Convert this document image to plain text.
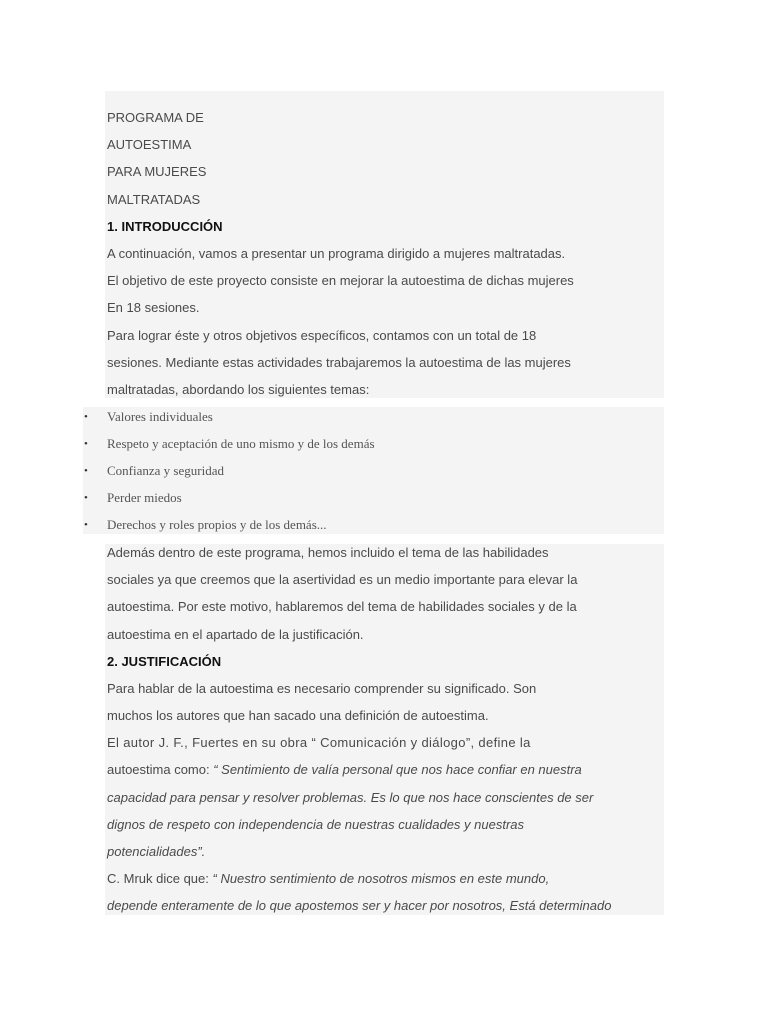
PROGRAMA DE
AUTOESTIMA
PARA MUJERES
MALTRATADAS
1. INTRODUCCIÓN
A continuación, vamos a presentar un programa dirigido a mujeres maltratadas.
El objetivo de este proyecto consiste en mejorar la autoestima de dichas mujeres
En 18 sesiones.
Para lograr éste y otros objetivos específicos, contamos con un total de 18
sesiones. Mediante estas actividades trabajaremos la autoestima de las mujeres
maltratadas, abordando los siguientes temas:
• Valores individuales
• Respeto y aceptación de uno mismo y de los demás
• Confianza y seguridad
• Perder miedos
• Derechos y roles propios y de los demás...
Además dentro de este programa, hemos incluido el tema de las habilidades
sociales ya que creemos que la asertividad es un medio importante para elevar la
autoestima. Por este motivo, hablaremos del tema de habilidades sociales y de la
autoestima en el apartado de la justificación.
2. JUSTIFICACIÓN
Para hablar de la autoestima es necesario comprender su significado. Son
muchos los autores que han sacado una definición de autoestima.
El autor J. F., Fuertes en su obra “ Comunicación y diálogo”, define la
autoestima como: “ Sentimiento de valía personal que nos hace confiar en nuestra
capacidad para pensar y resolver problemas. Es lo que nos hace conscientes de ser
dignos de respeto con independencia de nuestras cualidades y nuestras
potencialidades”.
C. Mruk dice que: “ Nuestro sentimiento de nosotros mismos en este mundo,
depende enteramente de lo que apostemos ser y hacer por nosotros, Está determinado
